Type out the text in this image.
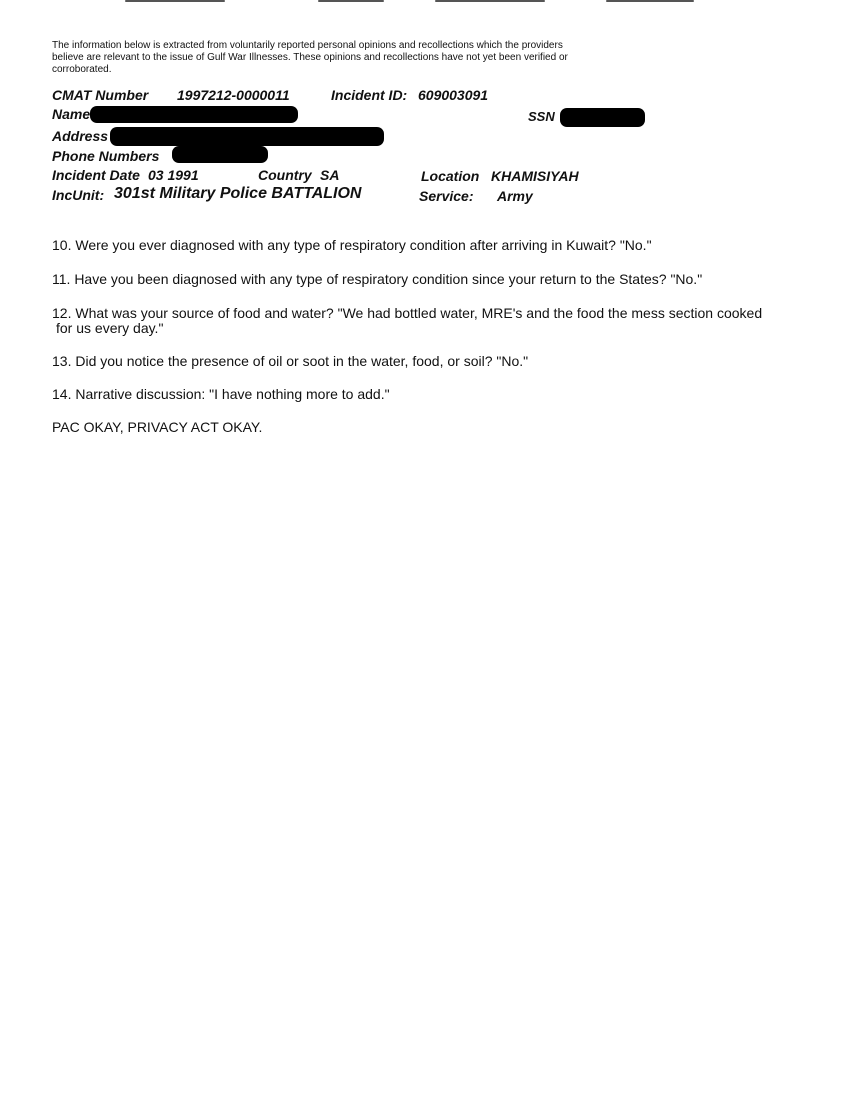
The information below is extracted from voluntarily reported personal opinions and recollections which the providers believe are relevant to the issue of Gulf War Illnesses. These opinions and recollections have not yet been verified or corroborated.
CMAT Number 1997212-0000011	Incident ID: 609003091
Name	SSN
Address
Phone Numbers
Incident Date 03 1991	Country SA	Location KHAMISIYAH
IncUnit: 301st Military Police BATTALION	Service: Army
10. Were you ever diagnosed with any type of respiratory condition after arriving in Kuwait? "No."
11. Have you been diagnosed with any type of respiratory condition since your return to the States? "No."
12. What was your source of food and water? "We had bottled water, MRE's and the food the mess section cooked
for us every day."
13. Did you notice the presence of oil or soot in the water, food, or soil? "No."
14. Narrative discussion: "I have nothing more to add."
PAC OKAY, PRIVACY ACT OKAY.
